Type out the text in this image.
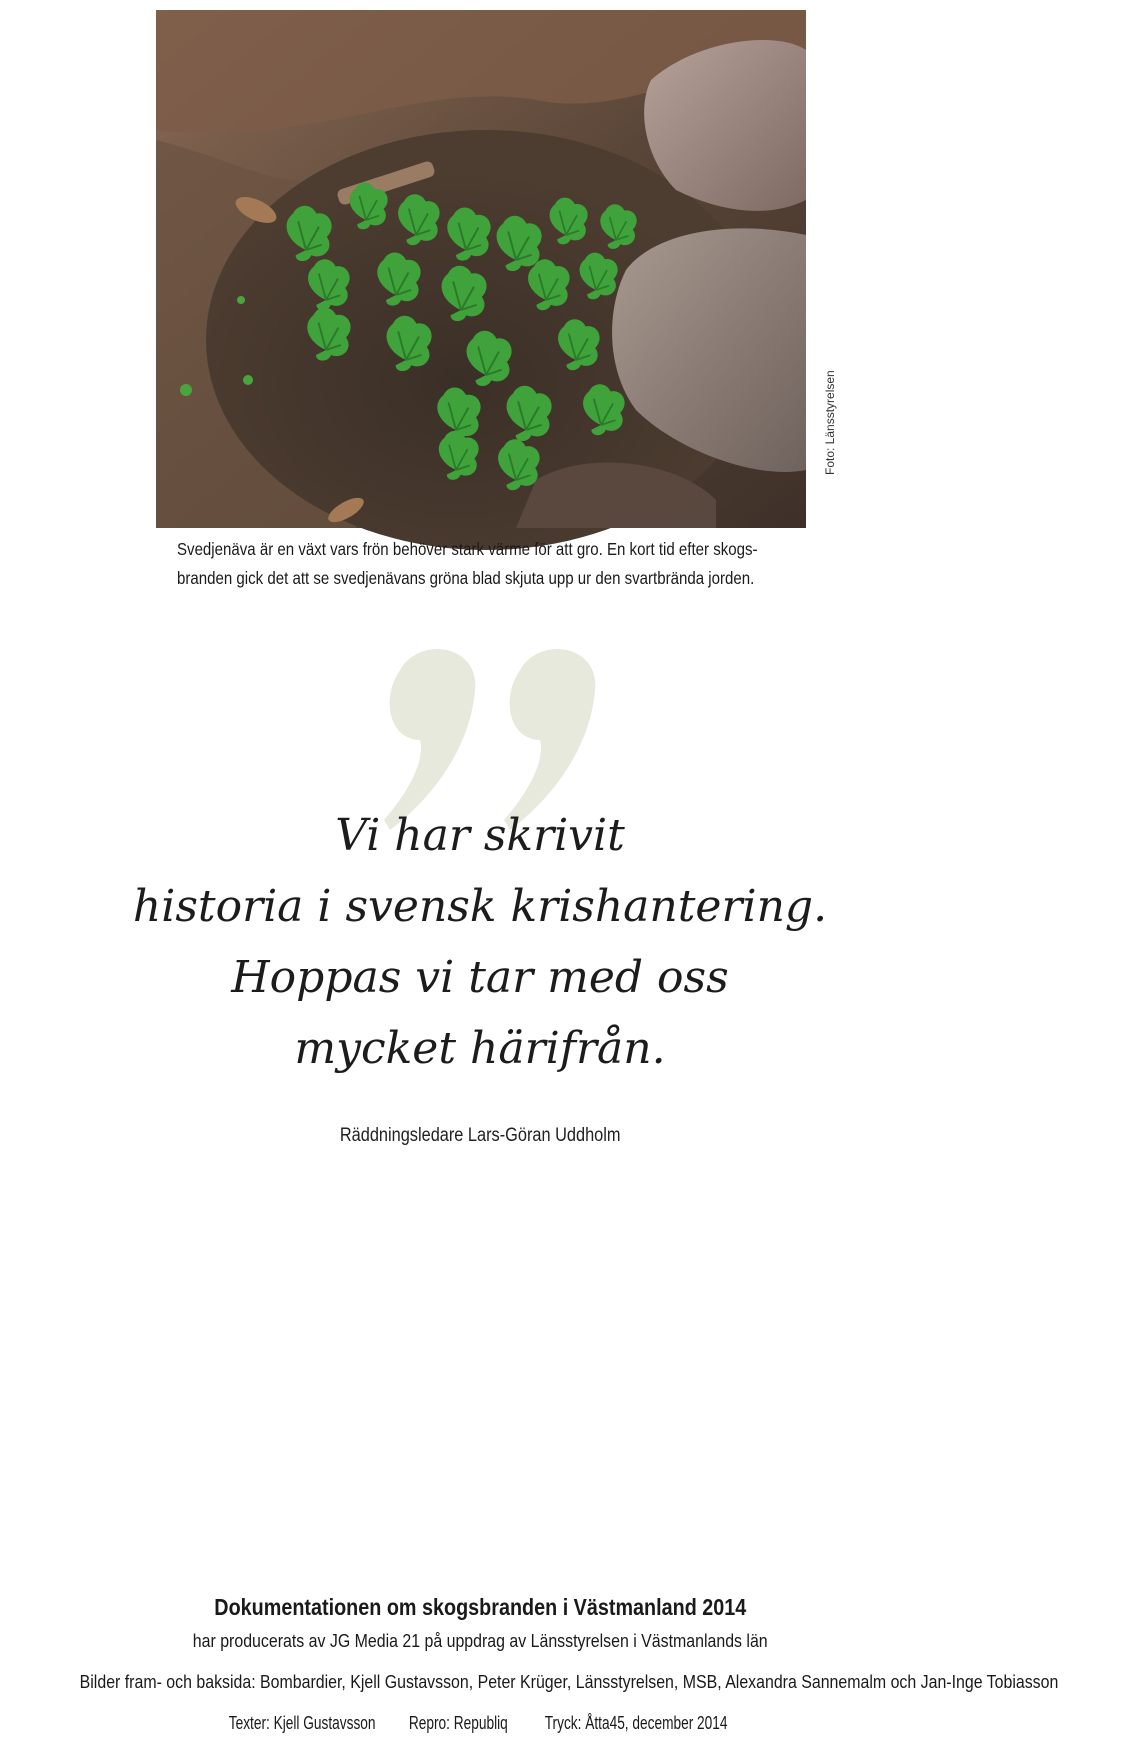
Foto: Länsstyrelsen
Svedjenäva är en växt vars frön behöver stark värme för att gro. En kort tid efter skogs-
branden gick det att se svedjenävans gröna blad skjuta upp ur den svartbrända jorden.
Vi har skrivit
historia i svensk krishantering.
Hoppas vi tar med oss
mycket härifrån.
Räddningsledare Lars-Göran Uddholm
Dokumentationen om skogsbranden i Västmanland 2014
har producerats av JG Media 21 på uppdrag av Länsstyrelsen i Västmanlands län
Bilder fram- och baksida: Bombardier, Kjell Gustavsson, Peter Krüger, Länsstyrelsen, MSB, Alexandra Sannemalm och Jan-Inge Tobiasson
Texter: Kjell Gustavsson Repro: Republiq Tryck: Åtta45, december 2014
